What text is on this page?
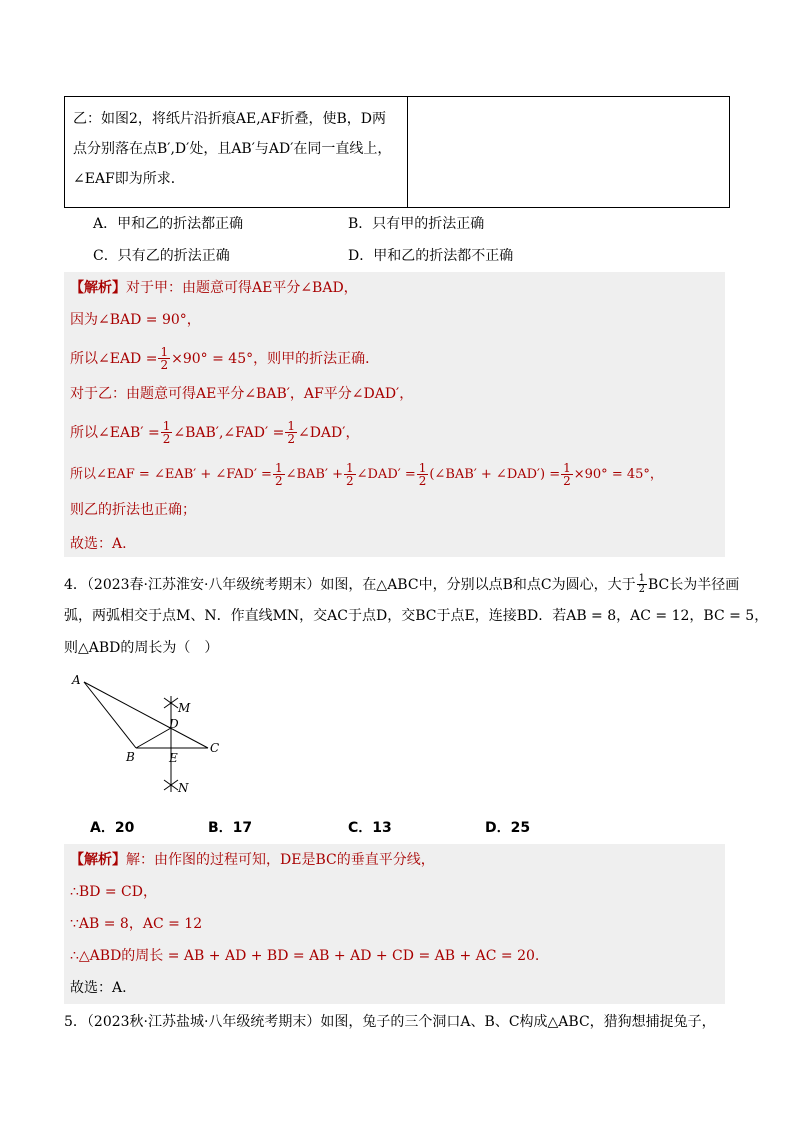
乙：如图2，将纸片沿折痕AE,AF折叠，使B，D两
点分别落在点B′,D′处，且AB′与AD′在同一直线上，
∠EAF即为所求．

A．甲和乙的折法都正确	B．只有甲的折法正确
C．只有乙的折法正确	D．甲和乙的折法都不正确
【解析】对于甲：由题意可得AE平分∠BAD，
因为∠BAD = 90°，
所以∠EAD = $\frac{1}{2} \times 90^\circ = 45^\circ$，则甲的折法正确．
对于乙：由题意可得AE平分∠BAB′，AF平分∠DAD′，
所以∠EAB′ = $\frac{1}{2}$ ∠BAB′,∠FAD′ = $\frac{1}{2}$ ∠DAD′，
所以∠EAF = ∠EAB′ + ∠FAD′ = $\frac{1}{2}$ ∠BAB′ + $\frac{1}{2}$ ∠DAD′ = $\frac{1}{2}$ (∠BAB′ + ∠DAD′) = $\frac{1}{2} \times 90^\circ = 45^\circ$，
则乙的折法也正确；
故选：A.
4．（2023春·江苏淮安·八年级统考期末）如图，在△ABC中，分别以点B和点C为圆心，大于 $\frac{1}{2}$ BC长为半径画
弧，两弧相交于点M、N．作直线MN，交AC于点D，交BC于点E，连接BD．若AB = 8，AC = 12，BC = 5，
则△ABD的周长为（　）
A
B
C
D
E
M
N
A．20	B．17	C．13	D．25
【解析】解：由作图的过程可知，DE是BC的垂直平分线，
∴BD = CD，
∵AB = 8，AC = 12
∴△ABD的周长 = AB + AD + BD = AB + AD + CD = AB + AC = 20.
故选：A.
5．（2023秋·江苏盐城·八年级统考期末）如图，兔子的三个洞口A、B、C构成△ABC，猎狗想捕捉兔子，
